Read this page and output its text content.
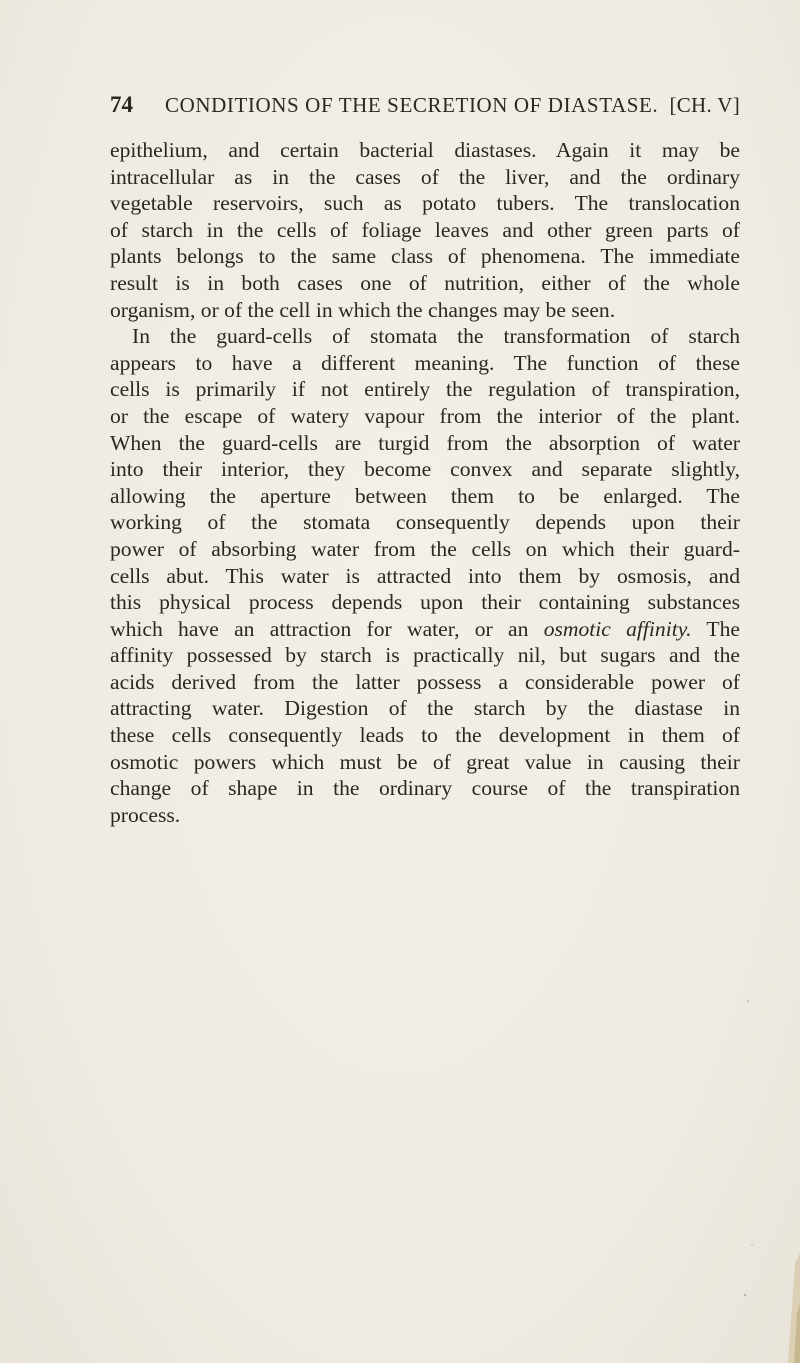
74 CONDITIONS OF THE SECRETION OF DIASTASE. [CH. V]
epithelium, and certain bacterial diastases. Again it may be
intracellular as in the cases of the liver, and the ordinary
vegetable reservoirs, such as potato tubers. The translocation
of starch in the cells of foliage leaves and other green parts of
plants belongs to the same class of phenomena. The immediate
result is in both cases one of nutrition, either of the whole
organism, or of the cell in which the changes may be seen.
In the guard-cells of stomata the transformation of starch
appears to have a different meaning. The function of these
cells is primarily if not entirely the regulation of transpiration,
or the escape of watery vapour from the interior of the plant.
When the guard-cells are turgid from the absorption of water
into their interior, they become convex and separate slightly,
allowing the aperture between them to be enlarged. The
working of the stomata consequently depends upon their
power of absorbing water from the cells on which their guard-
cells abut. This water is attracted into them by osmosis, and
this physical process depends upon their containing substances
which have an attraction for water, or an osmotic affinity. The
affinity possessed by starch is practically nil, but sugars and the
acids derived from the latter possess a considerable power of
attracting water. Digestion of the starch by the diastase in
these cells consequently leads to the development in them of
osmotic powers which must be of great value in causing their
change of shape in the ordinary course of the transpiration
process.
